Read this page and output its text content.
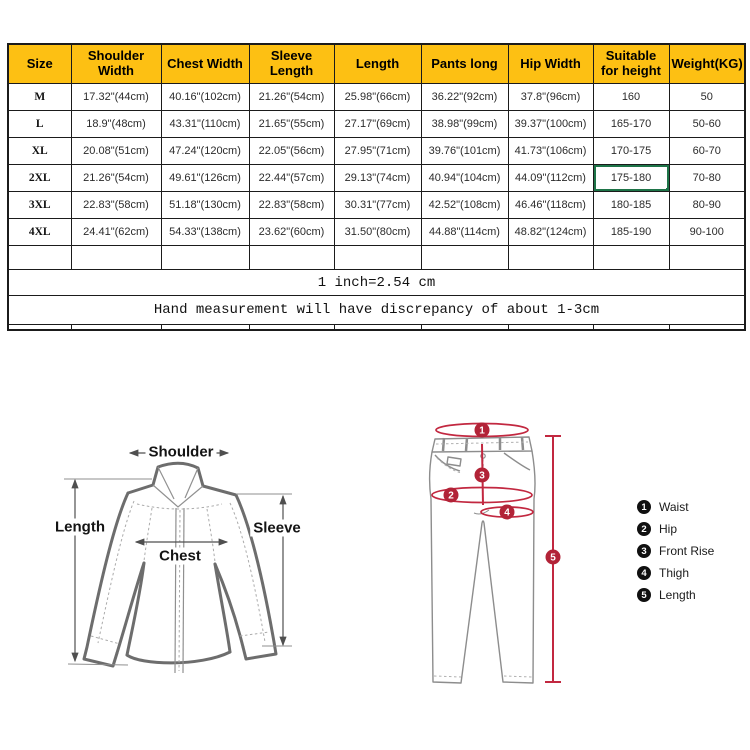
Size	Shoulder Width	Chest Width	Sleeve Length	Length	Pants long	Hip Width	Suitable for height	Weight(KG)
M	17.32"(44cm)	40.16"(102cm)	21.26"(54cm)	25.98"(66cm)	36.22"(92cm)	37.8"(96cm)	160	50
L	18.9"(48cm)	43.31"(110cm)	21.65"(55cm)	27.17"(69cm)	38.98"(99cm)	39.37"(100cm)	165-170	50-60
XL	20.08"(51cm)	47.24"(120cm)	22.05"(56cm)	27.95"(71cm)	39.76"(101cm)	41.73"(106cm)	170-175	60-70
2XL	21.26"(54cm)	49.61"(126cm)	22.44"(57cm)	29.13"(74cm)	40.94"(104cm)	44.09"(112cm)	175-180	70-80
3XL	22.83"(58cm)	51.18"(130cm)	22.83"(58cm)	30.31"(77cm)	42.52"(108cm)	46.46"(118cm)	180-185	80-90
4XL	24.41"(62cm)	54.33"(138cm)	23.62"(60cm)	31.50"(80cm)	44.88"(114cm)	48.82"(124cm)	185-190	90-100

1 inch=2.54 cm								
Hand measurement will have discrepancy of about 1-3cm								

Shoulder
Length	Sleeve
Chest
1
2
3
4
5
1	Waist
2	Hip
3	Front Rise
4	Thigh
5	Length
